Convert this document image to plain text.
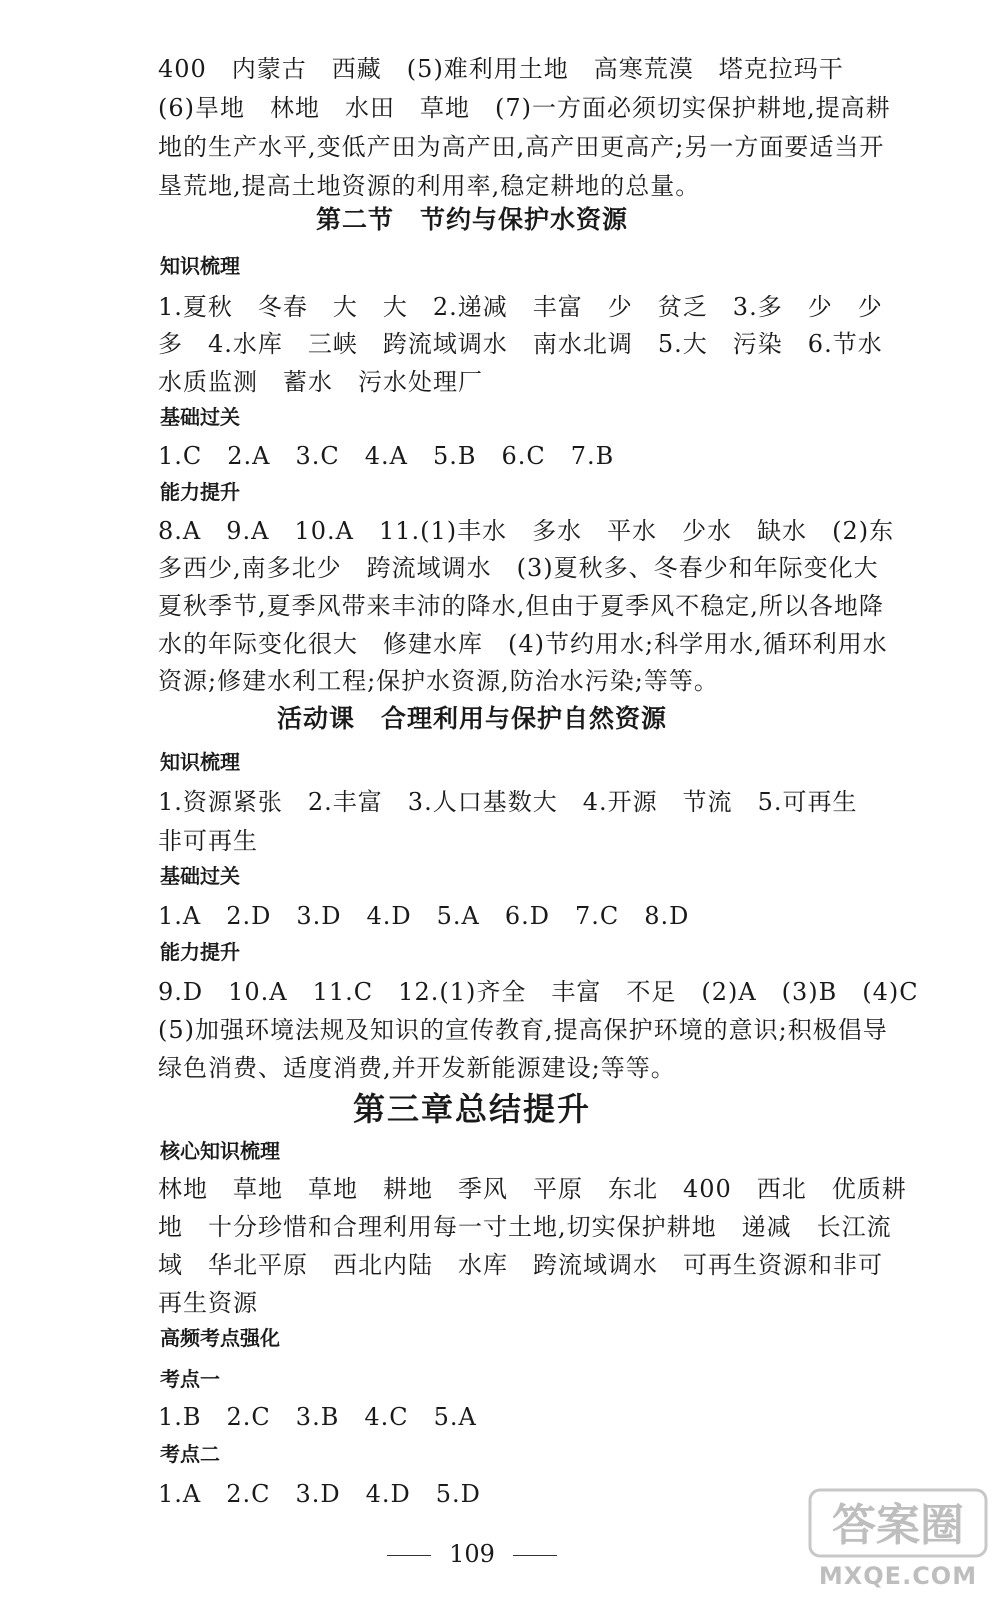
400　内蒙古　西藏　(5)难利用土地　高寒荒漠　塔克拉玛干

(6)旱地　林地　水田　草地　(7)一方面必须切实保护耕地,提高耕

地的生产水平,变低产田为高产田,高产田更高产;另一方面要适当开

垦荒地,提高土地资源的利用率,稳定耕地的总量。

第二节　节约与保护水资源
知识梳理

1.夏秋　冬春　大　大　2.递减　丰富　少　贫乏　3.多　少　少

多　4.水库　三峡　跨流域调水　南水北调　5.大　污染　6.节水

水质监测　蓄水　污水处理厂

基础过关

1.C　2.A　3.C　4.A　5.B　6.C　7.B

能力提升

8.A　9.A　10.A　11.(1)丰水　多水　平水　少水　缺水　(2)东

多西少,南多北少　跨流域调水　(3)夏秋多、冬春少和年际变化大

夏秋季节,夏季风带来丰沛的降水,但由于夏季风不稳定,所以各地降

水的年际变化很大　修建水库　(4)节约用水;科学用水,循环利用水

资源;修建水利工程;保护水资源,防治水污染;等等。

活动课　合理利用与保护自然资源
知识梳理

1.资源紧张　2.丰富　3.人口基数大　4.开源　节流　5.可再生

非可再生

基础过关

1.A　2.D　3.D　4.D　5.A　6.D　7.C　8.D

能力提升

9.D　10.A　11.C　12.(1)齐全　丰富　不足　(2)A　(3)B　(4)C

(5)加强环境法规及知识的宣传教育,提高保护环境的意识;积极倡导

绿色消费、适度消费,并开发新能源建设;等等。

第三章总结提升
核心知识梳理

林地　草地　草地　耕地　季风　平原　东北　400　西北　优质耕

地　十分珍惜和合理利用每一寸土地,切实保护耕地　递减　长江流

域　华北平原　西北内陆　水库　跨流域调水　可再生资源和非可

再生资源

高频考点强化
考点一

1.B　2.C　3.B　4.C　5.A

考点二

1.A　2.C　3.D　4.D　5.D

109
答案圈
MXQE.COM
